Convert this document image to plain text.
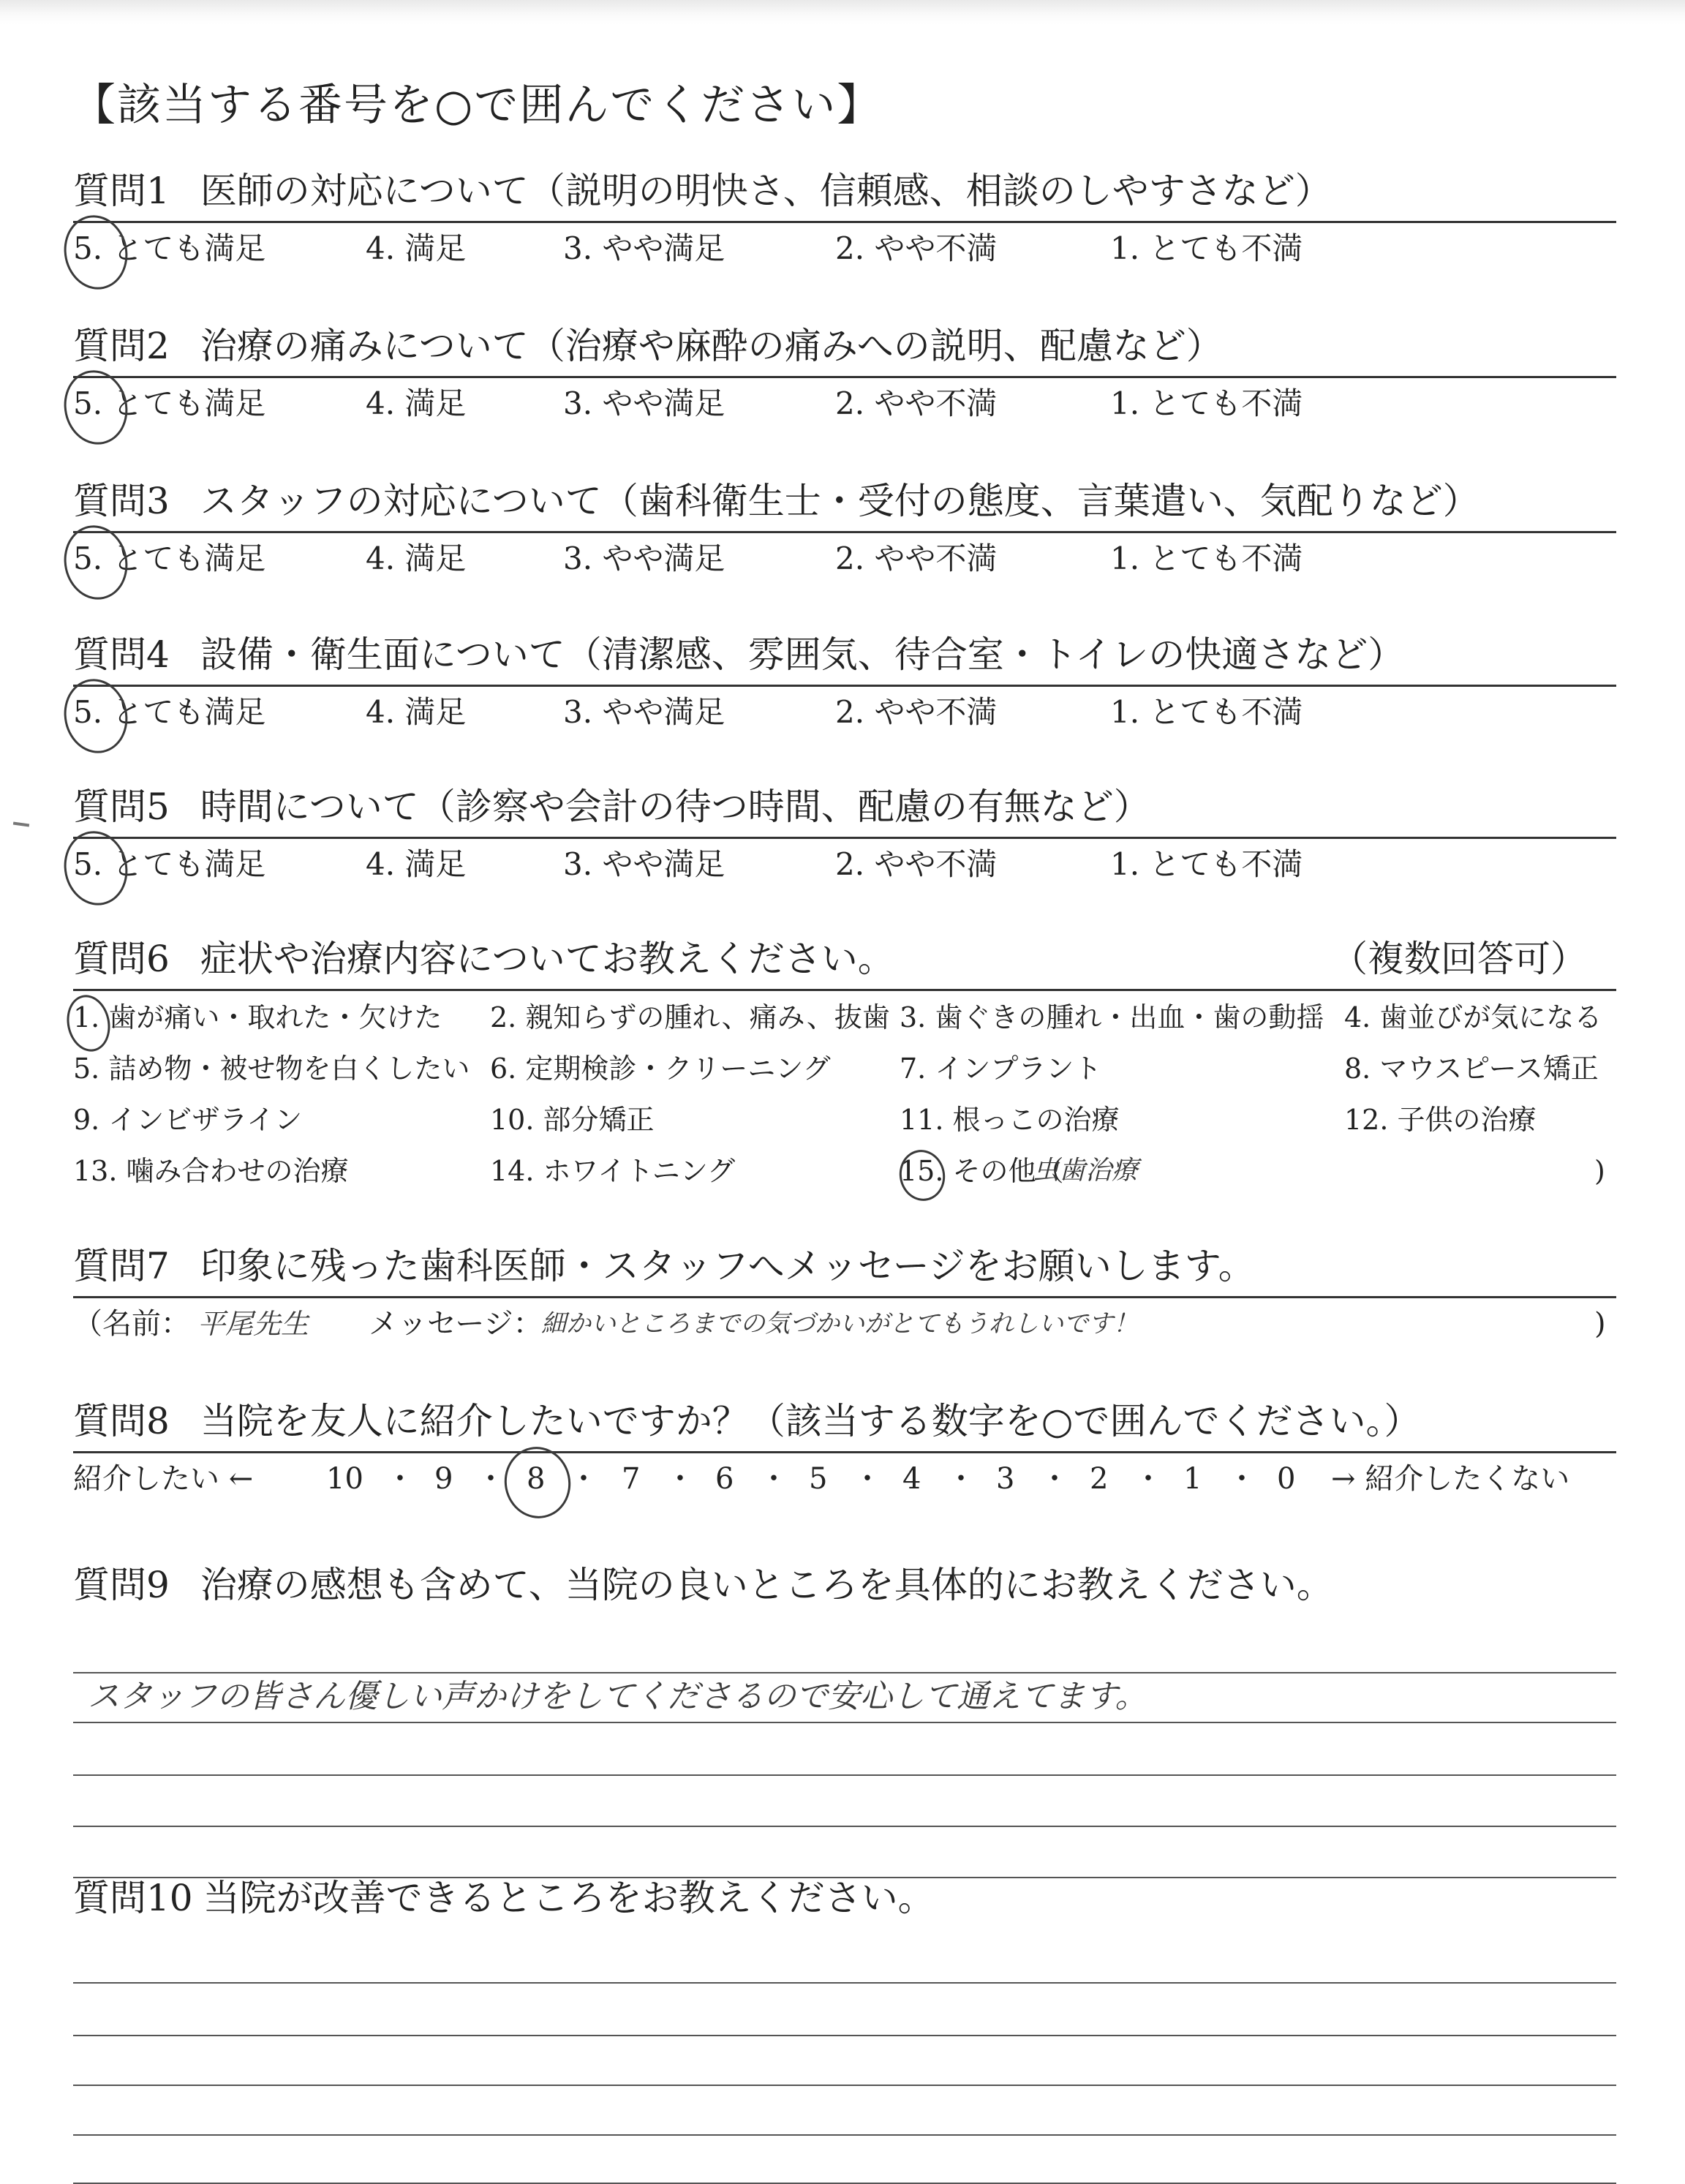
【該当する番号を○で囲んでください】
質問1 医師の対応について（説明の明快さ、信頼感、相談のしやすさなど）
5. とても満足	4. 満足	3. やや満足	2. やや不満	1. とても不満
質問2 治療の痛みについて（治療や麻酔の痛みへの説明、配慮など）
5. とても満足	4. 満足	3. やや満足	2. やや不満	1. とても不満
質問3 スタッフの対応について（歯科衛生士・受付の態度、言葉遣い、気配りなど）
5. とても満足	4. 満足	3. やや満足	2. やや不満	1. とても不満
質問4 設備・衛生面について（清潔感、雰囲気、待合室・トイレの快適さなど）
5. とても満足	4. 満足	3. やや満足	2. やや不満	1. とても不満
質問5 時間について（診察や会計の待つ時間、配慮の有無など）
5. とても満足	4. 満足	3. やや満足	2. やや不満	1. とても不満
質問6 症状や治療内容についてお教えください。	（複数回答可）
1. 歯が痛い・取れた・欠けた 2. 親知らずの腫れ、痛み、抜歯 3. 歯ぐきの腫れ・出血・歯の動揺 4. 歯並びが気になる
5. 詰め物・被せ物を白くしたい 6. 定期検診・クリーニング 7. インプラント	8. マウスピース矯正
9. インビザライン	10. 部分矯正	11. 根っこの治療	12. 子供の治療
13. 噛み合わせの治療	14. ホワイトニング	15. その他（
虫歯治療	)
質問7 印象に残った歯科医師・スタッフへメッセージをお願いします。
（名前： 平尾先生 メッセージ：
細かいところまでの気づかいがとてもうれしいです！	)
質問8 当院を友人に紹介したいですか？（該当する数字を○で囲んでください。）
紹介したい ← 10 ・ 9 ・ 8 ・ 7 ・ 6 ・ 5 ・ 4 ・ 3 ・ 2 ・ 1 ・ 0 → 紹介したくない
質問9 治療の感想も含めて、当院の良いところを具体的にお教えください。
スタッフの皆さん優しい声かけをしてくださるので安心して通えてます。
質問10 当院が改善できるところをお教えください。
